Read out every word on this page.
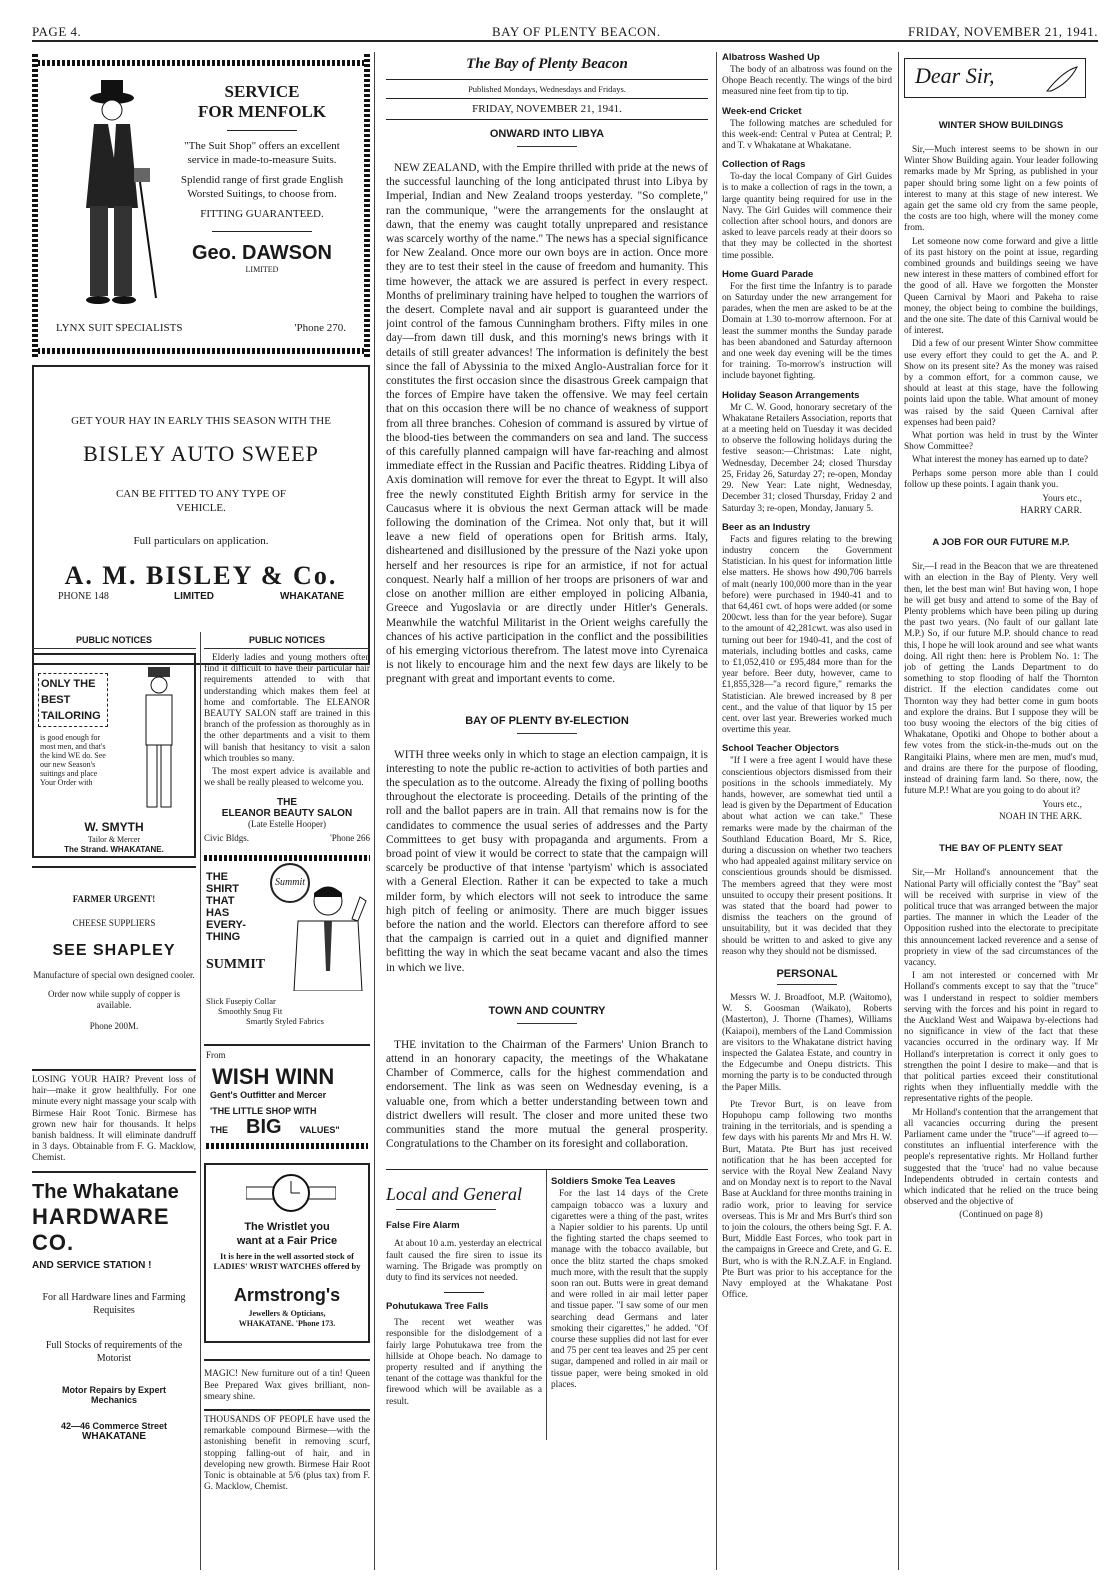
PAGE 4.	BAY OF PLENTY BEACON.	FRIDAY, NOVEMBER 21, 1941.
SERVICE
FOR MENFOLK
"The Suit Shop" offers an excellent service in made-to-measure Suits.
Splendid range of first grade English Worsted Suitings, to choose from.
FITTING GUARANTEED.
Geo. DAWSON
LIMITED
LYNX SUIT SPECIALISTS	'Phone 270.
GET YOUR HAY IN EARLY THIS SEASON WITH THE
BISLEY AUTO SWEEP
CAN BE FITTED TO ANY TYPE OF VEHICLE.
Full particulars on application.
A. M. BISLEY & Co.
PHONE 148	LIMITED	WHAKATANE
PUBLIC NOTICES
ONLY THE BEST TAILORING
is good enough for most men, and that's the kind WE do. See our new Season's suitings and place Your Order with
W. SMYTH
Tailor & Mercer
The Strand. WHAKATANE.
FARMER URGENT!
CHEESE SUPPLIERS
SEE SHAPLEY
Manufacture of special own designed cooler.
Order now while supply of copper is available.
Phone 200M.

LOSING YOUR HAIR? Prevent loss of hair—make it grow healthfully. For one minute every night massage your scalp with Birmese Hair Root Tonic. Birmese has grown new hair for thousands. It helps banish baldness. It will eliminate dandruff in 3 days. Obtainable from F. G. Macklow, Chemist.

The Whakatane
HARDWARE CO.
AND SERVICE STATION !
For all Hardware lines and Farming Requisites
Full Stocks of requirements of the Motorist
Motor Repairs by Expert
Mechanics
42—46 Commerce Street
WHAKATANE
PUBLIC NOTICES

Elderly ladies and young mothers often find it difficult to have their particular hair requirements attended to with that understanding which makes them feel at home and comfortable. The ELEANOR BEAUTY SALON staff are trained in this branch of the profession as thoroughly as in the other departments and a visit to them will banish that hesitancy to visit a salon which troubles so many.

The most expert advice is available and we shall be really pleased to welcome you.

THE
ELEANOR BEAUTY SALON
(Late Estelle Hooper)
Civic Bldgs.	'Phone 266
THE
SHIRT
THAT
HAS
EVERY-
THING
SUMMIT
Summit
Slick Fusepiy Collar
Smoothly Snug Fit
Smartly Styled Fabrics
From
WISH WINN
Gent's Outfitter and Mercer
'THE LITTLE SHOP WITH
THE BIG VALUES"
The Wristlet you
want at a Fair Price
It is here in the well assorted stock of LADIES' WRIST WATCHES offered by
Armstrong's
Jewellers & Opticians,
WHAKATANE. 'Phone 173.

MAGIC! New furniture out of a tin! Queen Bee Prepared Wax gives brilliant, non-smeary shine.

THOUSANDS OF PEOPLE have used the remarkable compound Birmese—with the astonishing benefit in removing scurf, stopping falling-out of hair, and in developing new growth. Birmese Hair Root Tonic is obtainable at 5/6 (plus tax) from F. G. Macklow, Chemist.

The Bay of Plenty Beacon
Published Mondays, Wednesdays and Fridays.
FRIDAY, NOVEMBER 21, 1941.
ONWARD INTO LIBYA

NEW ZEALAND, with the Empire thrilled with pride at the news of the successful launching of the long anticipated thrust into Libya by Imperial, Indian and New Zealand troops yesterday. "So complete," ran the communique, "were the arrangements for the onslaught at dawn, that the enemy was caught totally unprepared and resistance was scarcely worthy of the name." The news has a special significance for New Zealand. Once more our own boys are in action. Once more they are to test their steel in the cause of freedom and humanity. This time however, the attack we are assured is perfect in every respect. Months of preliminary training have helped to toughen the warriors of the desert. Complete naval and air support is guaranteed under the joint control of the famous Cunningham brothers. Fifty miles in one day—from dawn till dusk, and this morning's news brings with it details of still greater advances! The information is definitely the best since the fall of Abyssinia to the mixed Anglo-Australian force for it constitutes the first occasion since the disastrous Greek campaign that the forces of Empire have taken the offensive. We may feel certain that on this occasion there will be no chance of weakness of support from all three branches. Cohesion of command is assured by virtue of the blood-ties between the commanders on sea and land. The success of this carefully planned campaign will have far-reaching and almost immediate effect in the Russian and Pacific theatres. Ridding Libya of Axis domination will remove for ever the threat to Egypt. It will also free the newly constituted Eighth British army for service in the Caucasus where it is obvious the next German attack will be made following the domination of the Crimea. Not only that, but it will leave a new field of operations open for British arms. Italy, disheartened and disillusioned by the pressure of the Nazi yoke upon herself and her resources is ripe for an armistice, if not for actual conquest. Nearly half a million of her troops are prisoners of war and close on another million are either employed in policing Albania, Greece and Yugoslavia or are directly under Hitler's Generals. Meanwhile the watchful Militarist in the Orient weighs carefully the chances of his active participation in the conflict and the possibilities of his emerging victorious therefrom. The latest move into Cyrenaica is not likely to encourage him and the next few days are likely to be pregnant with great and important events to come.

BAY OF PLENTY BY-ELECTION

WITH three weeks only in which to stage an election campaign, it is interesting to note the public re-action to activities of both parties and the speculation as to the outcome. Already the fixing of polling booths throughout the electorate is proceeding. Details of the printing of the roll and the ballot papers are in train. All that remains now is for the candidates to commence the usual series of addresses and the Party Committees to get busy with propaganda and arguments. From a broad point of view it would be correct to state that the campaign will scarcely be productive of that intense 'partyism' which is associated with a General Election. Rather it can be expected to take a much milder form, by which electors will not seek to introduce the same high pitch of feeling or animosity. There are much bigger issues before the nation and the world. Electors can therefore afford to see that the campaign is carried out in a quiet and dignified manner befitting the way in which the seat became vacant and also the times in which we live.

TOWN AND COUNTRY

THE invitation to the Chairman of the Farmers' Union Branch to attend in an honorary capacity, the meetings of the Whakatane Chamber of Commerce, calls for the highest commendation and endorsement. The link as was seen on Wednesday evening, is a valuable one, from which a better understanding between town and district dwellers will result. The closer and more united these two communities stand the more mutual the general prosperity. Congratulations to the Chamber on its foresight and collaboration.

Local and General
False Fire Alarm

At about 10 a.m. yesterday an electrical fault caused the fire siren to issue its warning. The Brigade was promptly on duty to find its services not needed.

Pohutukawa Tree Falls

The recent wet weather was responsible for the dislodgement of a fairly large Pohutukawa tree from the hillside at Ohope beach. No damage to property resulted and if anything the tenant of the cottage was thankful for the firewood which will be available as a result.

Soldiers Smoke Tea Leaves

For the last 14 days of the Crete campaign tobacco was a luxury and cigarettes were a thing of the past, writes a Napier soldier to his parents. Up until the fighting started the chaps seemed to manage with the tobacco available, but once the blitz started the chaps smoked much more, with the result that the supply soon ran out. Butts were in great demand and were rolled in air mail letter paper and tissue paper. "I saw some of our men searching dead Germans and later smoking their cigarettes," he added. "Of course these supplies did not last for ever and 75 per cent tea leaves and 25 per cent sugar, dampened and rolled in air mail or tissue paper, were being smoked in old places.

Albatross Washed Up

The body of an albatross was found on the Ohope Beach recently. The wings of the bird measured nine feet from tip to tip.

Week-end Cricket

The following matches are scheduled for this week-end: Central v Putea at Central; P. and T. v Whakatane at Whakatane.

Collection of Rags

To-day the local Company of Girl Guides is to make a collection of rags in the town, a large quantity being required for use in the Navy. The Girl Guides will commence their collection after school hours, and donors are asked to leave parcels ready at their doors so that they may be collected in the shortest time possible.

Home Guard Parade

For the first time the Infantry is to parade on Saturday under the new arrangement for parades, when the men are asked to be at the Domain at 1.30 to-morrow afternoon. For at least the summer months the Sunday parade has been abandoned and Saturday afternoon and one week day evening will be the times for training. To-morrow's instruction will include bayonet fighting.

Holiday Season Arrangements

Mr C. W. Good, honorary secretary of the Whakatane Retailers Association, reports that at a meeting held on Tuesday it was decided to observe the following holidays during the festive season:—Christmas: Late night, Wednesday, December 24; closed Thursday 25, Friday 26, Saturday 27; re-open, Monday 29. New Year: Late night, Wednesday, December 31; closed Thursday, Friday 2 and Saturday 3; re-open, Monday, January 5.

Beer as an Industry

Facts and figures relating to the brewing industry concern the Government Statistician. In his quest for information little else matters. He shows how 490,706 barrels of malt (nearly 100,000 more than in the year before) were purchased in 1940-41 and to that 64,461 cwt. of hops were added (or some 200cwt. less than for the year before). Sugar to the amount of 42,281cwt. was also used in turning out beer for 1940-41, and the cost of materials, including bottles and casks, came to £1,052,410 or £95,484 more than for the year before. Beer duty, however, came to £1,855,328—"a record figure," remarks the Statistician. Ale brewed increased by 8 per cent., and the value of that liquor by 15 per cent. over last year. Breweries worked much overtime this year.

School Teacher Objectors

"If I were a free agent I would have these conscientious objectors dismissed from their positions in the schools immediately. My hands, however, are somewhat tied until a lead is given by the Department of Education about what action we can take." These remarks were made by the chairman of the Southland Education Board, Mr S. Rice, during a discussion on whether two teachers who had appealed against military service on conscientious grounds should be dismissed. The members agreed that they were most unsuited to occupy their present positions. It was stated that the board had power to dismiss the teachers on the ground of unsuitability, but it was decided that they should be written to and asked to give any reason why they should not be dismissed.

PERSONAL

Messrs W. J. Broadfoot, M.P. (Waitomo), W. S. Goosman (Waikato), Roberts (Masterton), J. Thorne (Thames), Williams (Kaiapoi), members of the Land Commission are visitors to the Whakatane district having inspected the Galatea Estate, and country in the Edgecumbe and Onepu districts. This morning the party is to be conducted through the Paper Mills.

Pte Trevor Burt, is on leave from Hopuhopu camp following two months training in the territorials, and is spending a few days with his parents Mr and Mrs H. W. Burt, Matata. Pte Burt has just received notification that he has been accepted for service with the Royal New Zealand Navy and on Monday next is to report to the Naval Base at Auckland for three months training in radio work, prior to leaving for service overseas. This is Mr and Mrs Burt's third son to join the colours, the others being Sgt. F. A. Burt, Middle East Forces, who took part in the campaigns in Greece and Crete, and G. E. Burt, who is with the R.N.Z.A.F. in England. Pte Burt was prior to his acceptance for the Navy employed at the Whakatane Post Office.

Dear Sir,
WINTER SHOW BUILDINGS

Sir,—Much interest seems to be shown in our Winter Show Building again. Your leader following remarks made by Mr Spring, as published in your paper should bring some light on a few points of interest to many at this stage of new interest. We again get the same old cry from the same people, the costs are too high, where will the money come from.

Let someone now come forward and give a little of its past history on the point at issue, regarding combined grounds and buildings seeing we have new interest in these matters of combined effort for the good of all. Have we forgotten the Monster Queen Carnival by Maori and Pakeha to raise money, the object being to combine the buildings, and the one site. The date of this Carnival would be of interest.

Did a few of our present Winter Show committee use every effort they could to get the A. and P. Show on its present site? As the money was raised by a common effort, for a common cause, we should at least at this stage, have the following points laid upon the table. What amount of money was raised by the said Queen Carnival after expenses had been paid?

What portion was held in trust by the Winter Show Committee?

What interest the money has earned up to date?

Perhaps some person more able than I could follow up these points. I again thank you.

Yours etc.,
HARRY CARR.
A JOB FOR OUR FUTURE M.P.

Sir,—I read in the Beacon that we are threatened with an election in the Bay of Plenty. Very well then, let the best man win! But having won, I hope he will get busy and attend to some of the Bay of Plenty problems which have been piling up during the past two years. (No fault of our gallant late M.P.) So, if our future M.P. should chance to read this, I hope he will look around and see what wants doing. All right then: here is Problem No. 1: The job of getting the Lands Department to do something to stop flooding of half the Thornton district. If the election candidates come out Thornton way they had better come in gum boots and explore the drains. But I suppose they will be too busy wooing the electors of the big cities of Whakatane, Opotiki and Ohope to bother about a few votes from the stick-in-the-muds out on the Rangitaiki Plains, where men are men, mud's mud, and drains are there for the purpose of flooding, instead of draining farm land. So there, now, the future M.P.! What are you going to do about it?

Yours etc.,
NOAH IN THE ARK.
THE BAY OF PLENTY SEAT

Sir,—Mr Holland's announcement that the National Party will officially contest the "Bay" seat will be received with surprise in view of the political truce that was arranged between the major parties. The manner in which the Leader of the Opposition rushed into the electorate to precipitate this announcement lacked reverence and a sense of propriety in view of the sad circumstances of the vacancy.

I am not interested or concerned with Mr Holland's comments except to say that the "truce" was I understand in respect to soldier members serving with the forces and his point in regard to the Auckland West and Waipawa by-elections had no significance in view of the fact that these vacancies occurred in the ordinary way. If Mr Holland's interpretation is correct it only goes to strengthen the point I desire to make—and that is that political parties exceed their constitutional rights when they influentially meddle with the representative rights of the people.

Mr Holland's contention that the arrangement that all vacancies occurring during the present Parliament came under the "truce"—if agreed to—constitutes an influential interference with the people's representative rights. Mr Holland further suggested that the 'truce' had no value because Independents obtruded in certain contests and which indicated that he relied on the truce being observed and the objective of

(Continued on page 8)
